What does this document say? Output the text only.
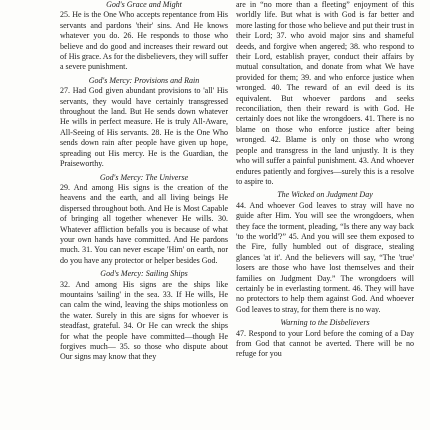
God's Grace and Might

25. He is the One Who accepts repentance from His servants and pardons 'their' sins. And He knows whatever you do. 26. He responds to those who believe and do good and increases their reward out of His grace. As for the disbelievers, they will suffer a severe punishment.

God's Mercy: Provisions and Rain

27. Had God given abundant provisions to 'all' His servants, they would have certainly transgressed throughout the land. But He sends down whatever He wills in perfect measure. He is truly All-Aware, All-Seeing of His servants. 28. He is the One Who sends down rain after people have given up hope, spreading out His mercy. He is the Guardian, the Praiseworthy.

God's Mercy: The Universe

29. And among His signs is the creation of the heavens and the earth, and all living beings He dispersed throughout both. And He is Most Capable of bringing all together whenever He wills. 30. Whatever affliction befalls you is because of what your own hands have committed. And He pardons much. 31. You can never escape 'Him' on earth, nor do you have any protector or helper besides God.

God's Mercy: Sailing Ships

32. And among His signs are the ships like mountains 'sailing' in the sea. 33. If He wills, He can calm the wind, leaving the ships motionless on the water. Surely in this are signs for whoever is steadfast, grateful. 34. Or He can wreck the ships for what the people have committed—though He forgives much— 35. so those who dispute about Our signs may know that they

are in “no more than a fleeting” enjoyment of this worldly life. But what is with God is far better and more lasting for those who believe and put their trust in their Lord; 37. who avoid major sins and shameful deeds, and forgive when angered; 38. who respond to their Lord, establish prayer, conduct their affairs by mutual consultation, and donate from what We have provided for them; 39. and who enforce justice when wronged. 40. The reward of an evil deed is its equivalent. But whoever pardons and seeks reconciliation, then their reward is with God. He certainly does not like the wrongdoers. 41. There is no blame on those who enforce justice after being wronged. 42. Blame is only on those who wrong people and transgress in the land unjustly. It is they who will suffer a painful punishment. 43. And whoever endures patiently and forgives—surely this is a resolve to aspire to.

The Wicked on Judgment Day

44. And whoever God leaves to stray will have no guide after Him. You will see the wrongdoers, when they face the torment, pleading, “Is there any way back 'to the world'?” 45. And you will see them exposed to the Fire, fully humbled out of disgrace, stealing glances 'at it'. And the believers will say, “The 'true' losers are those who have lost themselves and their families on Judgment Day.” The wrongdoers will certainly be in everlasting torment. 46. They will have no protectors to help them against God. And whoever God leaves to stray, for them there is no way.

Warning to the Disbelievers

47. Respond to your Lord before the coming of a Day from God that cannot be averted. There will be no refuge for you
